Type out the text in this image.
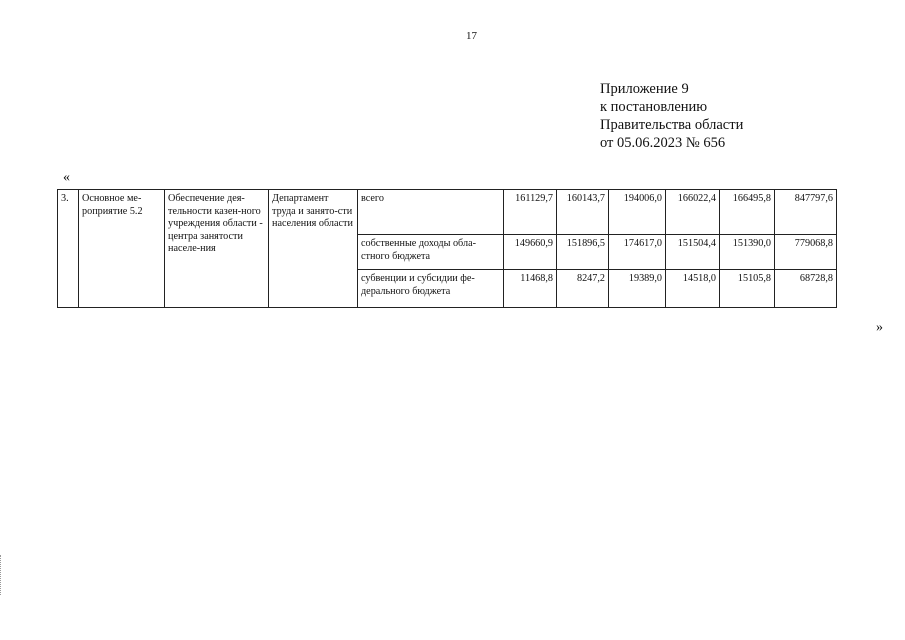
17
Приложение 9
к постановлению
Правительства области
от 05.06.2023 № 656
«
3.	Основное ме-роприятие 5.2	Обеспечение дея-тельности казен-ного учреждения области - центра занятости населе-ния	Департамент труда и занято-сти населения области	всего	161129,7	160143,7	194006,0	166022,4	166495,8	847797,6
				собственные доходы обла-стного бюджета	149660,9	151896,5	174617,0	151504,4	151390,0	779068,8
				субвенции и субсидии фе-дерального бюджета	11468,8	8247,2	19389,0	14518,0	15105,8	68728,8
»
